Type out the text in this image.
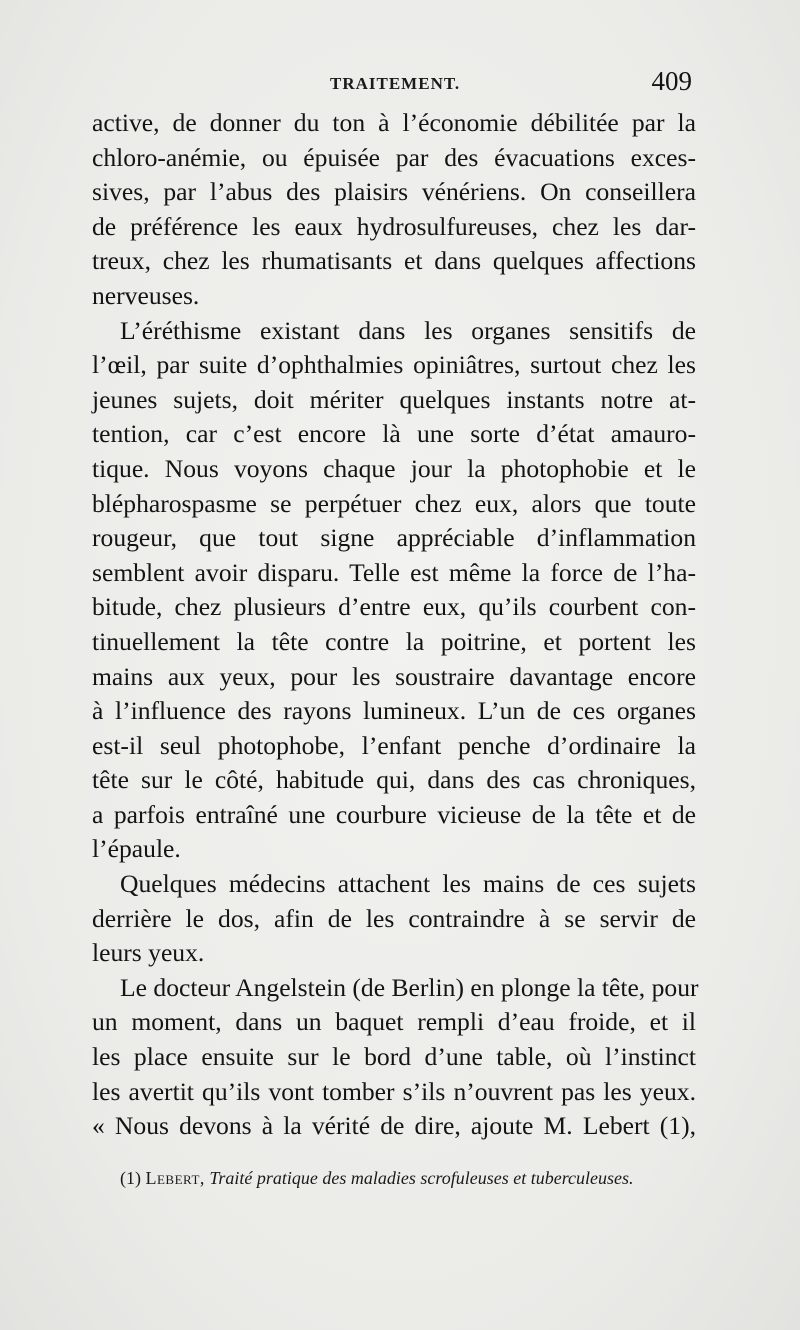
TRAITEMENT.	409

active, de donner du ton à l’économie débilitée par la
chloro-anémie, ou épuisée par des évacuations exces-
sives, par l’abus des plaisirs vénériens. On conseillera
de préférence les eaux hydrosulfureuses, chez les dar-
treux, chez les rhumatisants et dans quelques affections
nerveuses.

L’éréthisme existant dans les organes sensitifs de
l’œil, par suite d’ophthalmies opiniâtres, surtout chez les
jeunes sujets, doit mériter quelques instants notre at-
tention, car c’est encore là une sorte d’état amauro-
tique. Nous voyons chaque jour la photophobie et le
blépharospasme se perpétuer chez eux, alors que toute
rougeur, que tout signe appréciable d’inflammation
semblent avoir disparu. Telle est même la force de l’ha-
bitude, chez plusieurs d’entre eux, qu’ils courbent con-
tinuellement la tête contre la poitrine, et portent les
mains aux yeux, pour les soustraire davantage encore
à l’influence des rayons lumineux. L’un de ces organes
est-il seul photophobe, l’enfant penche d’ordinaire la
tête sur le côté, habitude qui, dans des cas chroniques,
a parfois entraîné une courbure vicieuse de la tête et de
l’épaule.

Quelques médecins attachent les mains de ces sujets
derrière le dos, afin de les contraindre à se servir de
leurs yeux.

Le docteur Angelstein (de Berlin) en plonge la tête, pour
un moment, dans un baquet rempli d’eau froide, et il
les place ensuite sur le bord d’une table, où l’instinct
les avertit qu’ils vont tomber s’ils n’ouvrent pas les yeux.
« Nous devons à la vérité de dire, ajoute M. Lebert (1),

(1) Lebert, Traité pratique des maladies scrofuleuses et tuberculeuses.
